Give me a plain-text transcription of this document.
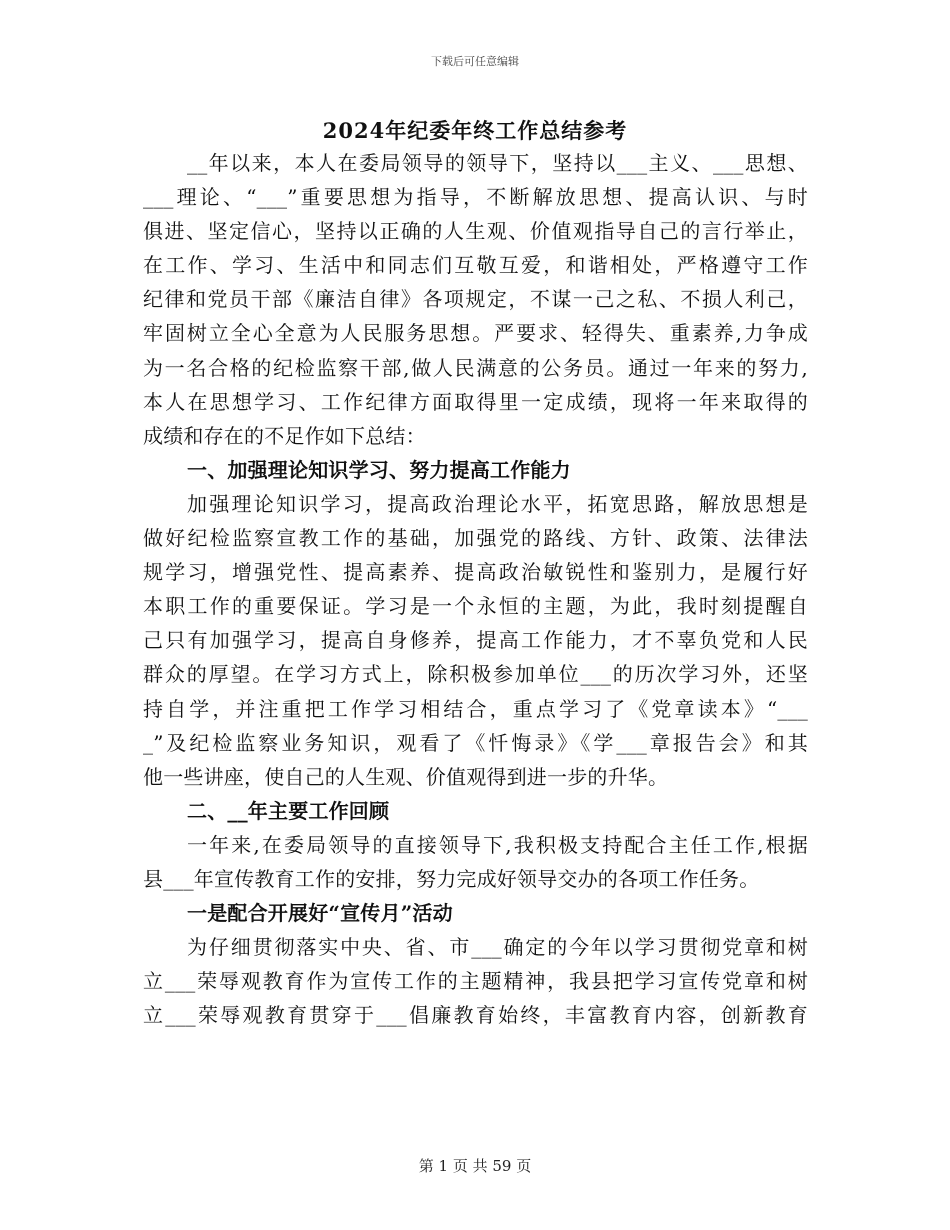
下载后可任意编辑
2024年纪委年终工作总结参考
__年以来，本人在委局领导的领导下，坚持以___主义、___思想、
___理论、“___”重要思想为指导，不断解放思想、提高认识、与时
俱进、坚定信心，坚持以正确的人生观、价值观指导自己的言行举止，
在工作、学习、生活中和同志们互敬互爱，和谐相处，严格遵守工作
纪律和党员干部《廉洁自律》各项规定，不谋一己之私、不损人利己，
牢固树立全心全意为人民服务思想。严要求、轻得失、重素养,力争成
为一名合格的纪检监察干部,做人民满意的公务员。通过一年来的努力,
本人在思想学习、工作纪律方面取得里一定成绩，现将一年来取得的
成绩和存在的不足作如下总结：
一、加强理论知识学习、努力提高工作能力
加强理论知识学习，提高政治理论水平，拓宽思路，解放思想是
做好纪检监察宣教工作的基础，加强党的路线、方针、政策、法律法
规学习，增强党性、提高素养、提高政治敏锐性和鉴别力，是履行好
本职工作的重要保证。学习是一个永恒的主题，为此，我时刻提醒自
己只有加强学习，提高自身修养，提高工作能力，才不辜负党和人民
群众的厚望。在学习方式上，除积极参加单位___的历次学习外，还坚
持自学，并注重把工作学习相结合，重点学习了《党章读本》“___
_”及纪检监察业务知识，观看了《忏悔录》《学___章报告会》和其
他一些讲座，使自己的人生观、价值观得到进一步的升华。
二、__年主要工作回顾
一年来,在委局领导的直接领导下,我积极支持配合主任工作,根据
县___年宣传教育工作的安排，努力完成好领导交办的各项工作任务。
一是配合开展好“宣传月”活动
为仔细贯彻落实中央、省、市___确定的今年以学习贯彻党章和树
立___荣辱观教育作为宣传工作的主题精神，我县把学习宣传党章和树
立___荣辱观教育贯穿于___倡廉教育始终，丰富教育内容，创新教育
第 1 页 共 59 页
